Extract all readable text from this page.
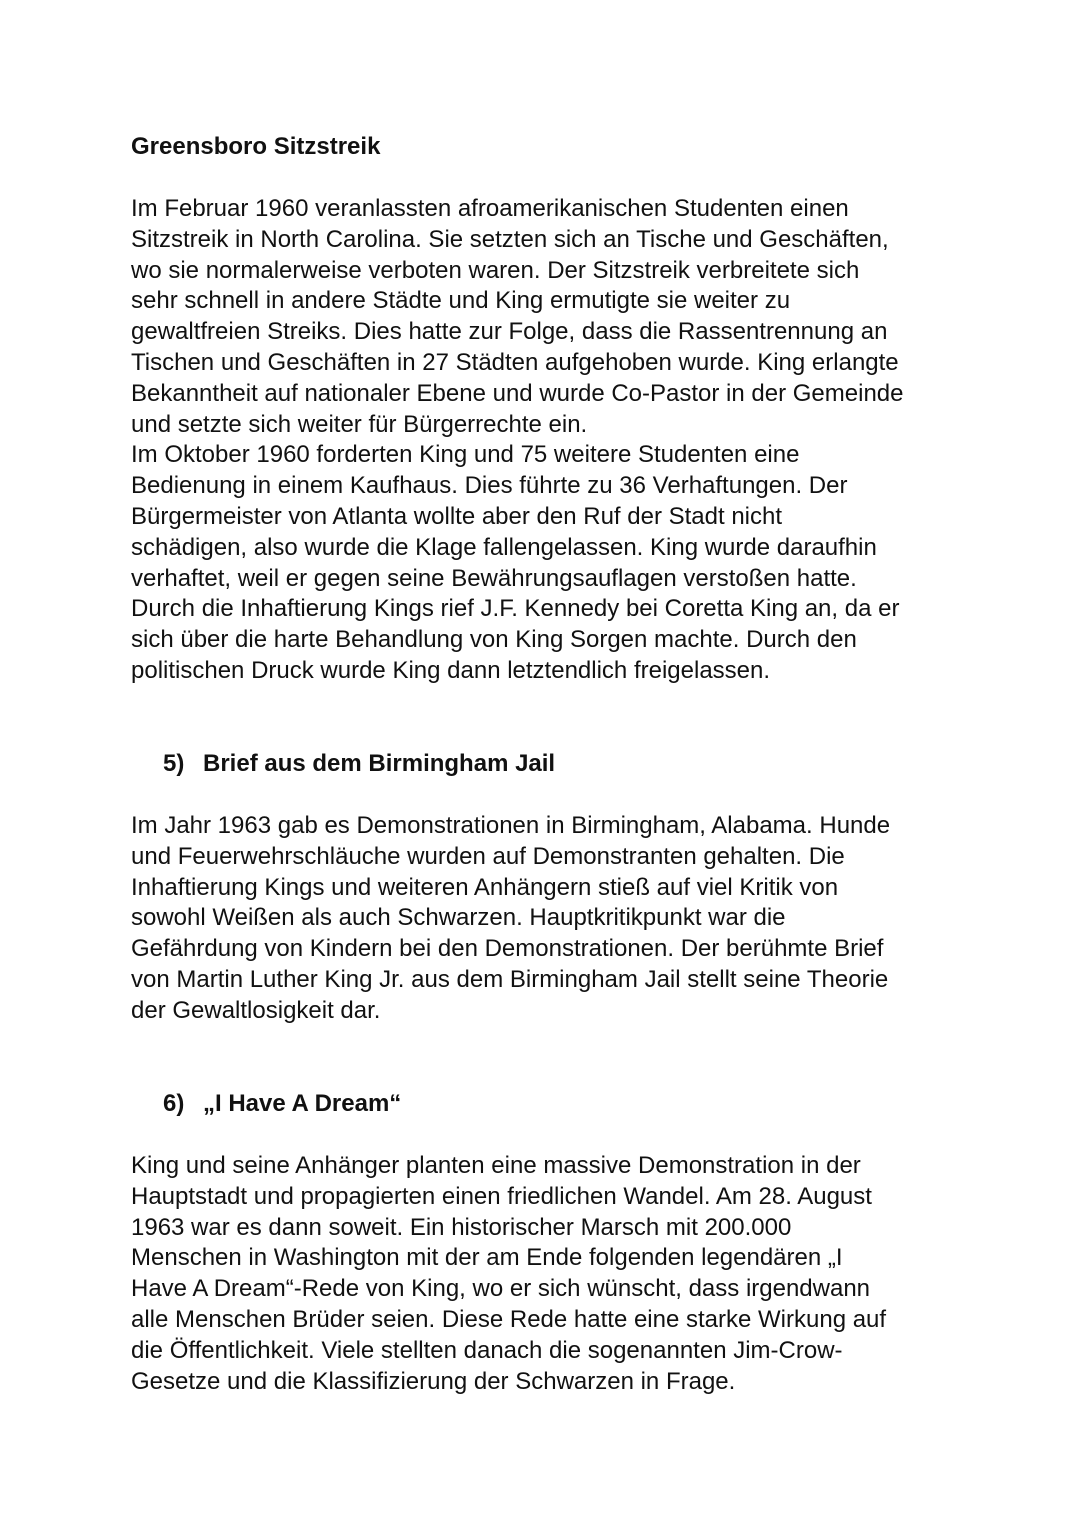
Greensboro Sitzstreik

Im Februar 1960 veranlassten afroamerikanischen Studenten einen
Sitzstreik in North Carolina. Sie setzten sich an Tische und Geschäften,
wo sie normalerweise verboten waren. Der Sitzstreik verbreitete sich
sehr schnell in andere Städte und King ermutigte sie weiter zu
gewaltfreien Streiks. Dies hatte zur Folge, dass die Rassentrennung an
Tischen und Geschäften in 27 Städten aufgehoben wurde. King erlangte
Bekanntheit auf nationaler Ebene und wurde Co-Pastor in der Gemeinde
und setzte sich weiter für Bürgerrechte ein.
Im Oktober 1960 forderten King und 75 weitere Studenten eine
Bedienung in einem Kaufhaus. Dies führte zu 36 Verhaftungen. Der
Bürgermeister von Atlanta wollte aber den Ruf der Stadt nicht
schädigen, also wurde die Klage fallengelassen. King wurde daraufhin
verhaftet, weil er gegen seine Bewährungsauflagen verstoßen hatte.
Durch die Inhaftierung Kings rief J.F. Kennedy bei Coretta King an, da er
sich über die harte Behandlung von King Sorgen machte. Durch den
politischen Druck wurde King dann letztendlich freigelassen.

5) Brief aus dem Birmingham Jail

Im Jahr 1963 gab es Demonstrationen in Birmingham, Alabama. Hunde
und Feuerwehrschläuche wurden auf Demonstranten gehalten. Die
Inhaftierung Kings und weiteren Anhängern stieß auf viel Kritik von
sowohl Weißen als auch Schwarzen. Hauptkritikpunkt war die
Gefährdung von Kindern bei den Demonstrationen. Der berühmte Brief
von Martin Luther King Jr. aus dem Birmingham Jail stellt seine Theorie
der Gewaltlosigkeit dar.

6) „I Have A Dream“

King und seine Anhänger planten eine massive Demonstration in der
Hauptstadt und propagierten einen friedlichen Wandel. Am 28. August
1963 war es dann soweit. Ein historischer Marsch mit 200.000
Menschen in Washington mit der am Ende folgenden legendären „I
Have A Dream“-Rede von King, wo er sich wünscht, dass irgendwann
alle Menschen Brüder seien. Diese Rede hatte eine starke Wirkung auf
die Öffentlichkeit. Viele stellten danach die sogenannten Jim-Crow-
Gesetze und die Klassifizierung der Schwarzen in Frage.
